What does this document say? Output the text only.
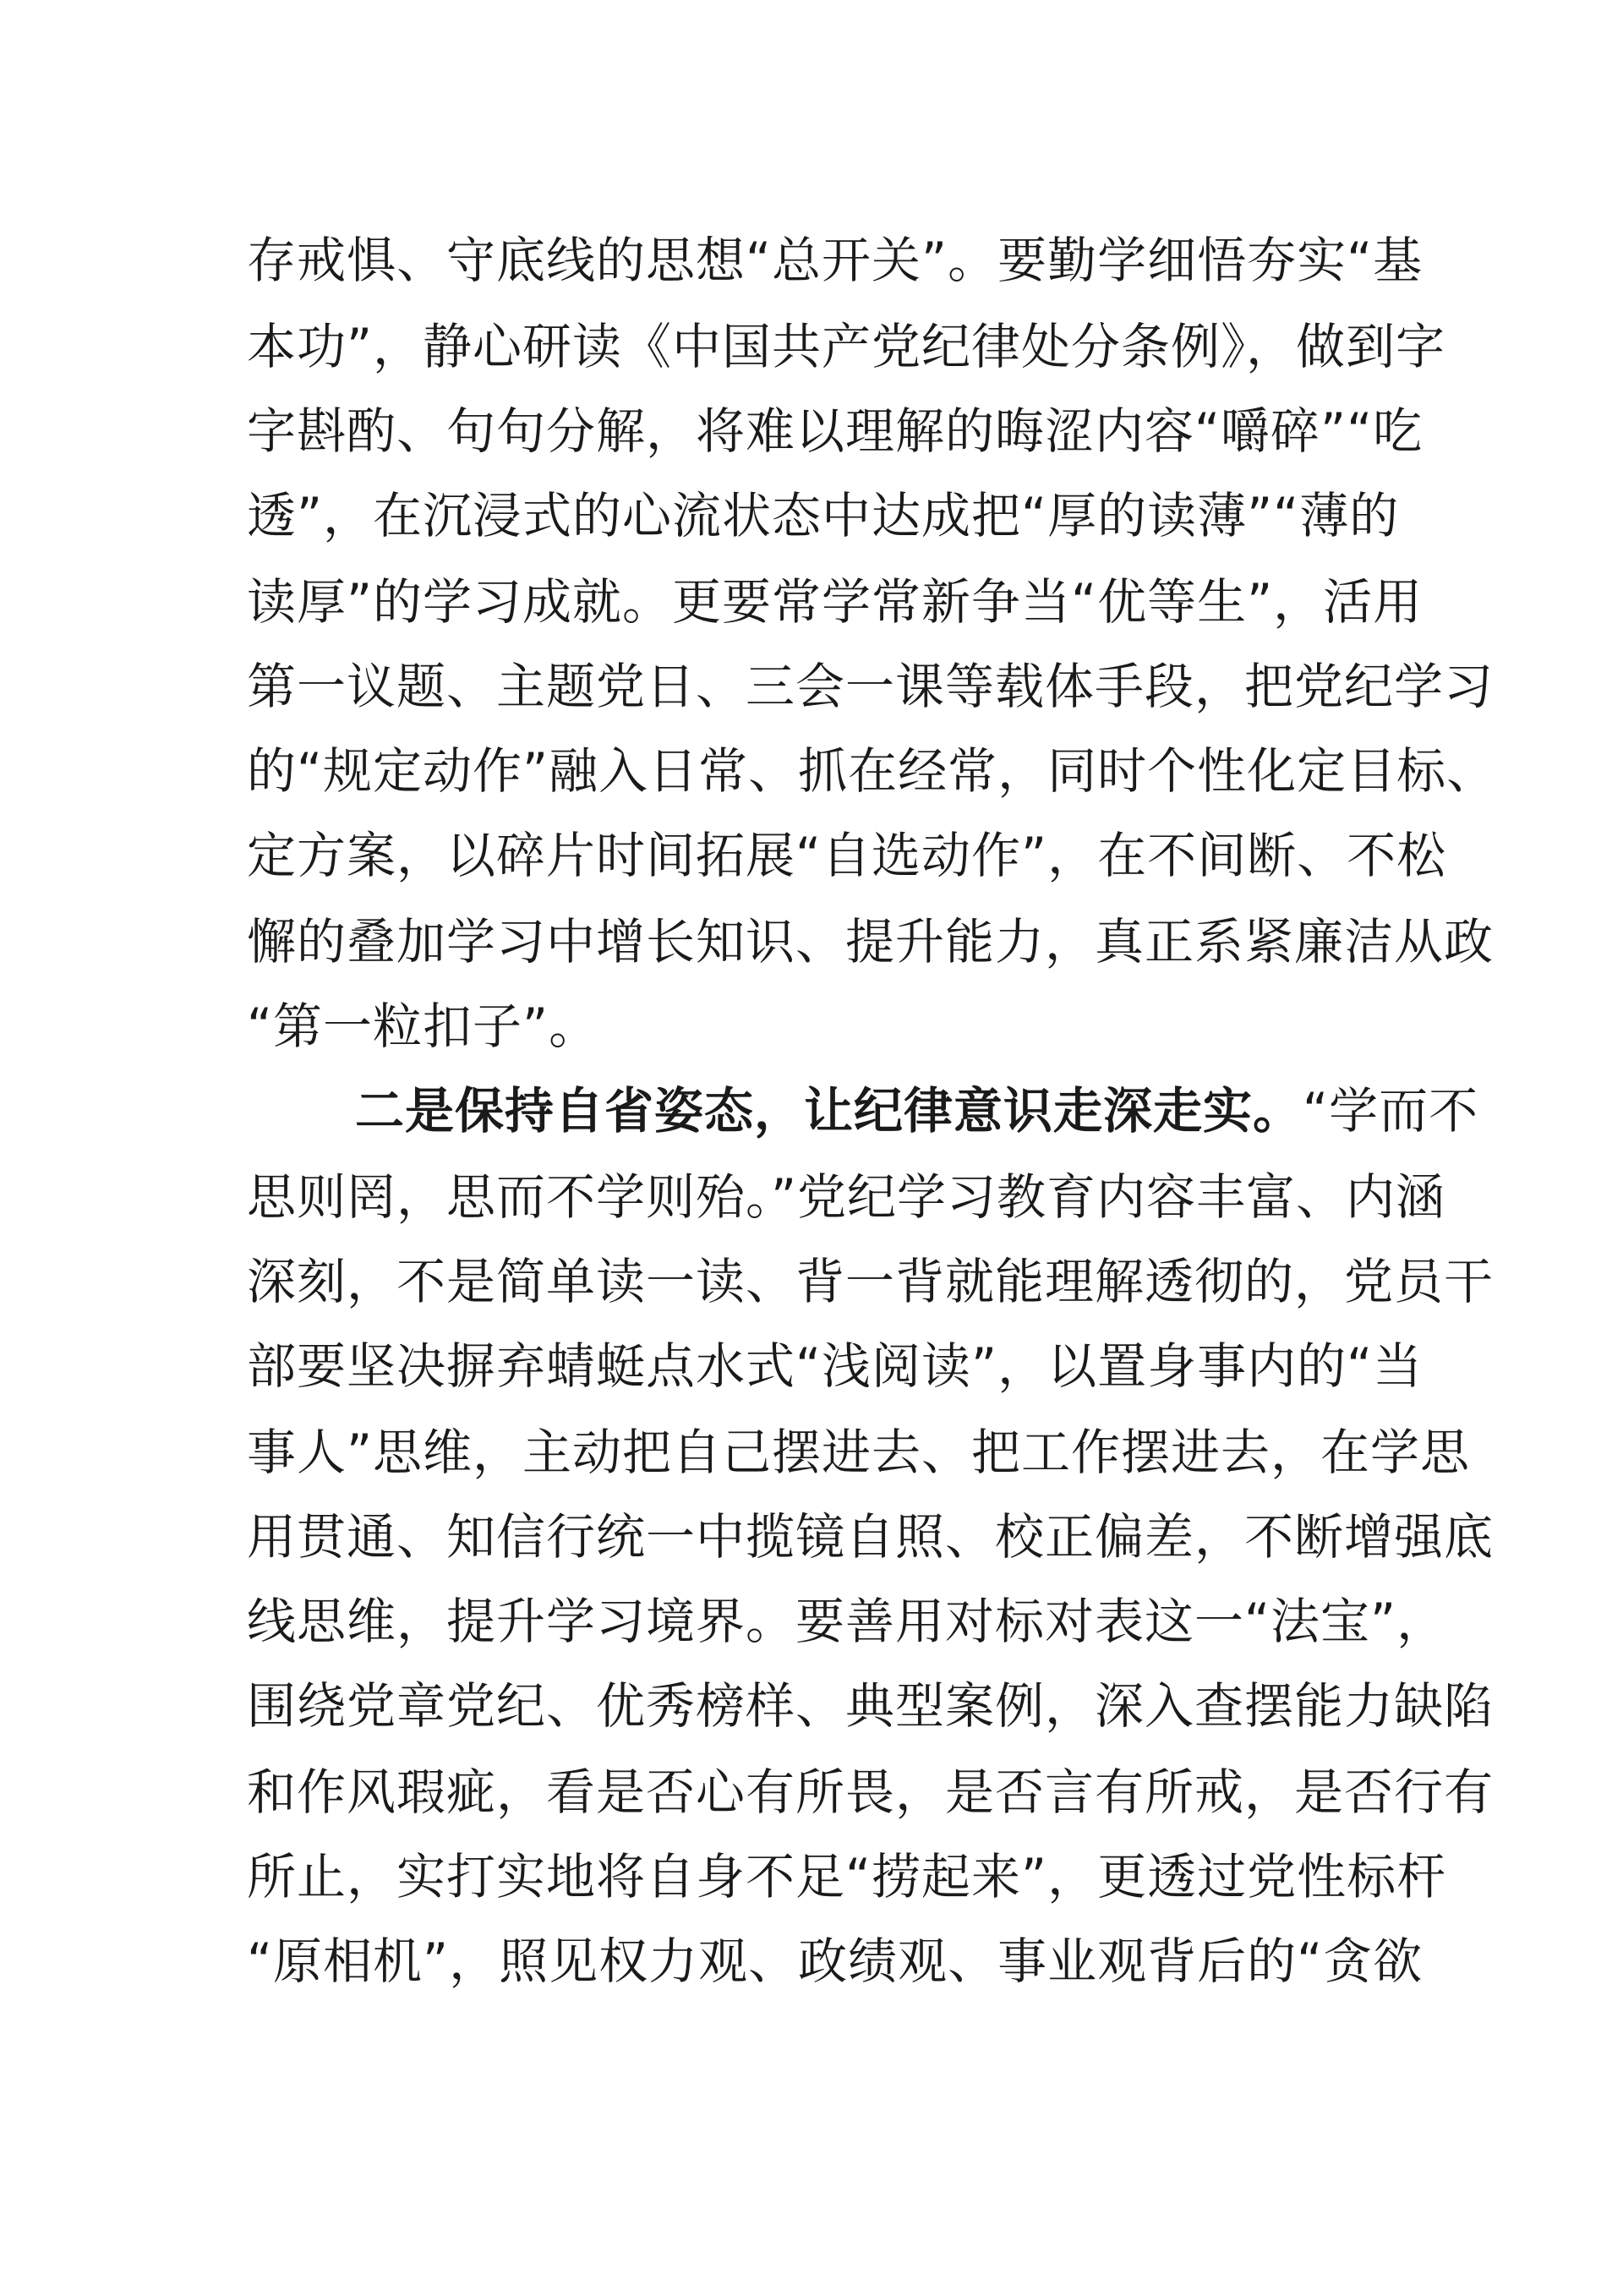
存戒惧、守底线的思想“总开关”。要勤学细悟夯实“基
本功”，静心研读《中国共产党纪律处分条例》，做到字
字斟酌、句句分解，将难以理解的晦涩内容“嚼碎”“吃
透”，在沉浸式的心流状态中达成把“厚的读薄”“薄的
读厚”的学习成就。更要常学常新争当“优等生”，活用
第一议题、主题党日、三会一课等载体手段，把党纪学习
的“规定动作”融入日常、抓在经常，同时个性化定目标、
定方案，以碎片时间拓展“自选动作”，在不间断、不松
懈的叠加学习中增长知识、提升能力，真正系紧廉洁从政
“第一粒扣子”。
二是保持自省姿态，让纪律意识走深走实。“学而不
思则罔，思而不学则殆。”党纪学习教育内容丰富、内涵
深刻，不是简单读一读、背一背就能理解透彻的，党员干
部要坚决摒弃蜻蜓点水式“浅阅读”，以置身事内的“当
事人”思维，主动把自己摆进去、把工作摆进去，在学思
用贯通、知信行统一中揽镜自照、校正偏差，不断增强底
线思维，提升学习境界。要善用对标对表这一“法宝”，
围绕党章党纪、优秀榜样、典型案例，深入查摆能力缺陷
和作风瑕疵，看是否心有所畏，是否言有所戒，是否行有
所止，实打实地将自身不足“捞起来”，更透过党性标杆
“原相机”，照见权力观、政绩观、事业观背后的“贪欲
